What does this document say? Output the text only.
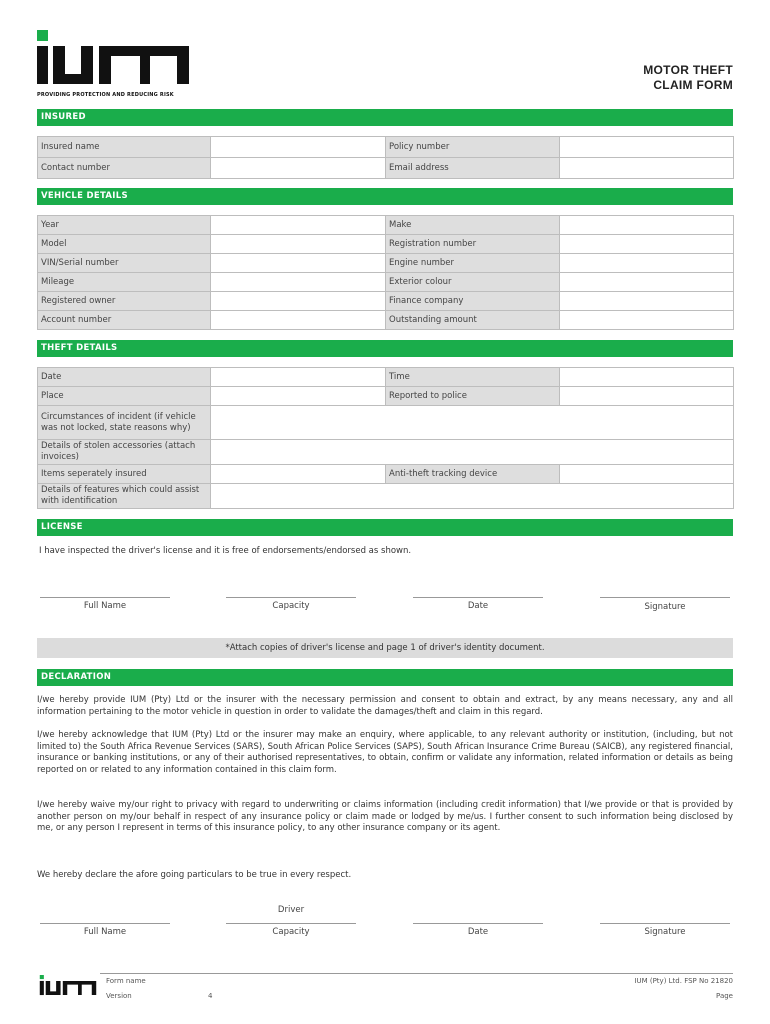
PROVIDING PROTECTION AND REDUCING RISK
MOTOR THEFT
CLAIM FORM
INSURED
Insured name		Policy number	
Contact number		Email address	
VEHICLE DETAILS
Year		Make	
Model		Registration number	
VIN/Serial number		Engine number	
Mileage		Exterior colour	
Registered owner		Finance company	
Account number		Outstanding amount	
THEFT DETAILS
Date		Time	
Place		Reported to police	
Circumstances of incident (if vehicle was not locked, state reasons why)			
Details of stolen accessories (attach invoices)			
Items seperately insured		Anti-theft tracking device	
Details of features which could assist with identification			
LICENSE
I have inspected the driver's license and it is free of endorsements/endorsed as shown.
Full Name	Capacity	Date	Signature
*Attach copies of driver's license and page 1 of driver's identity document.
DECLARATION

I/we hereby provide IUM (Pty) Ltd or the insurer with the necessary permission and consent to obtain and extract, by any means necessary, any and all information pertaining to the motor vehicle in question in order to validate the damages/theft and claim in this regard.

I/we hereby acknowledge that IUM (Pty) Ltd or the insurer may make an enquiry, where applicable, to any relevant authority or institution, (including, but not limited to) the South Africa Revenue Services (SARS), South African Police Services (SAPS), South African Insurance Crime Bureau (SAICB), any registered financial, insurance or banking institutions, or any of their authorised representatives, to obtain, confirm or validate any information, related information or details as being reported on or related to any information contained in this claim form.

I/we hereby waive my/our right to privacy with regard to underwriting or claims information (including credit information) that I/we provide or that is provided by another person on my/our behalf in respect of any insurance policy or claim made or lodged by me/us. I further consent to such information being disclosed by me, or any person I represent in terms of this insurance policy, to any other insurance company or its agent.

We hereby declare the afore going particulars to be true in every respect.

Driver
Full Name	Capacity	Date	Signature
Form name
Version	4
IUM (Pty) Ltd. FSP No 21820
Page
